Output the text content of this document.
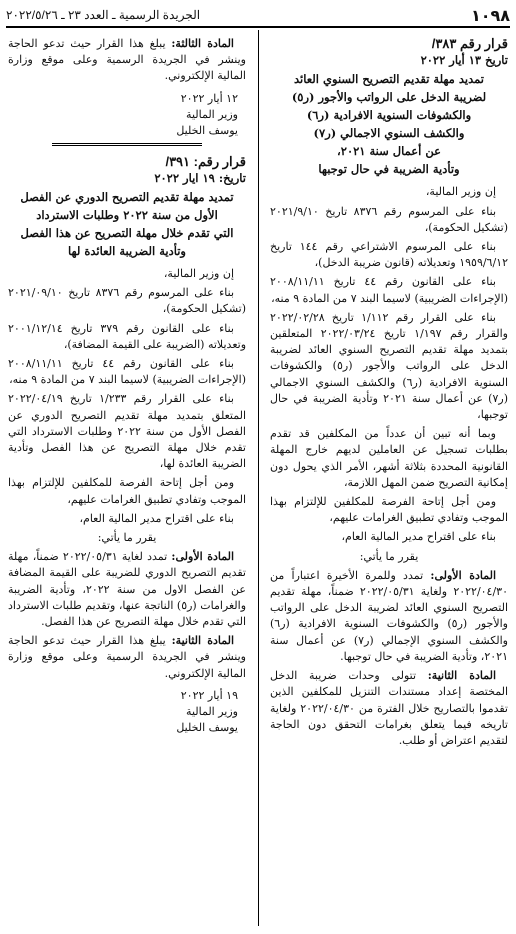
١٠٩٨
الجريدة الرسمية ـ العدد ٢٣ ـ ٢٠٢٢/٥/٢٦
قرار رقم ٣٨٣/
تاريخ ١٣ أيار ٢٠٢٢
تمديد مهلة تقديم التصريح السنوي العائد
لضريبة الدخل على الرواتب والأجور (ر٥)
والكشوفات السنوية الافرادية (ر٦)
والكشف السنوي الاجمالي (ر٧)
عن أعمال سنة ٢٠٢١،
وتأدية الضريبة في حال توجبها

إن وزير المالية،

بناء على المرسوم رقم ٨٣٧٦ تاريخ ٢٠٢١/٩/١٠ (تشكيل الحكومة)،

بناء على المرسوم الاشتراعي رقم ١٤٤ تاريخ ١٩٥٩/٦/١٢ وتعديلاته (قانون ضريبة الدخل)،

بناء على القانون رقم ٤٤ تاريخ ٢٠٠٨/١١/١١ (الإجراءات الضريبية) لاسيما البند ٧ من المادة ٩ منه،

بناء على القرار رقم ١/١١٢ تاريخ ٢٠٢٢/٠٢/٢٨ والقرار رقم ١/١٩٧ تاريخ ٢٠٢٢/٠٣/٢٤ المتعلقين بتمديد مهلة تقديم التصريح السنوي العائد لضريبة الدخل على الرواتب والأجور (ر٥) والكشوفات السنوية الافرادية (ر٦) والكشف السنوي الاجمالي (ر٧) عن أعمال سنة ٢٠٢١ وتأدية الضريبة في حال توجبها،

وبما أنه تبين أن عدداً من المكلفين قد تقدم بطلبات تسجيل عن العاملين لديهم خارج المهلة القانونية المحددة بثلاثة أشهر، الأمر الذي يحول دون إمكانية التصريح ضمن المهل اللازمة،

ومن أجل إتاحة الفرصة للمكلفين للإلتزام بهذا الموجب وتفادي تطبيق الغرامات عليهم،

بناء على اقتراح مدير المالية العام،

يقرر ما يأتي:

المادة الأولى: تمدد وللمرة الأخيرة اعتباراً من ٢٠٢٢/٠٤/٣٠ ولغاية ٢٠٢٢/٠٥/٣١ ضمناً، مهلة تقديم التصريح السنوي العائد لضريبة الدخل على الرواتب والأجور (ر٥) والكشوفات السنوية الافرادية (ر٦) والكشف السنوي الإجمالي (ر٧) عن أعمال سنة ٢٠٢١، وتأدية الضريبة في حال توجبها.

المادة الثانية: تتولى وحدات ضريبة الدخل المختصة إعداد مستندات التنزيل للمكلفين الذين تقدموا بالتصاريح خلال الفترة من ٢٠٢٢/٠٤/٣٠ ولغاية تاريخه فيما يتعلق بغرامات التحقق دون الحاجة لتقديم اعتراض أو طلب.

المادة الثالثة: يبلغ هذا القرار حيث تدعو الحاجة وينشر في الجريدة الرسمية وعلى موقع وزارة المالية الإلكتروني.

١٢ أيار ٢٠٢٢
وزير المالية
يوسف الخليل
قرار رقم: ٣٩١/
تاريخ: ١٩ ايار ٢٠٢٢
تمديد مهلة تقديم التصريح الدوري عن الفصل
الأول من سنة ٢٠٢٢ وطلبات الاسترداد
التي تقدم خلال مهلة التصريح عن هذا الفصل
وتأدية الضريبة العائدة لها

إن وزير المالية،

بناء على المرسوم رقم ٨٣٧٦ تاريخ ٢٠٢١/٠٩/١٠ (تشكيل الحكومة)،

بناء على القانون رقم ٣٧٩ تاريخ ٢٠٠١/١٢/١٤ وتعديلاته (الضريبة على القيمة المضافة)،

بناء على القانون رقم ٤٤ تاريخ ٢٠٠٨/١١/١١ (الإجراءات الضريبية) لاسيما البند ٧ من المادة ٩ منه،

بناء على القرار رقم ١/٢٣٣ تاريخ ٢٠٢٢/٠٤/١٩ المتعلق بتمديد مهلة تقديم التصريح الدوري عن الفصل الأول من سنة ٢٠٢٢ وطلبات الاسترداد التي تقدم خلال مهلة التصريح عن هذا الفصل وتأدية الضريبة العائدة لها،

ومن أجل إتاحة الفرصة للمكلفين للإلتزام بهذا الموجب وتفادي تطبيق الغرامات عليهم،

بناء على اقتراح مدير المالية العام،

يقرر ما يأتي:

المادة الأولى: تمدد لغاية ٢٠٢٢/٠٥/٣١ ضمناً، مهلة تقديم التصريح الدوري للضريبة على القيمة المضافة عن الفصل الاول من سنة ٢٠٢٢، وتأدية الضريبة والغرامات (ر٥) الناتجة عنها، وتقديم طلبات الاسترداد التي تقدم خلال مهلة التصريح عن هذا الفصل.

المادة الثانية: يبلغ هذا القرار حيث تدعو الحاجة وينشر في الجريدة الرسمية وعلى موقع وزارة المالية الإلكتروني.

١٩ أيار ٢٠٢٢
وزير المالية
يوسف الخليل
